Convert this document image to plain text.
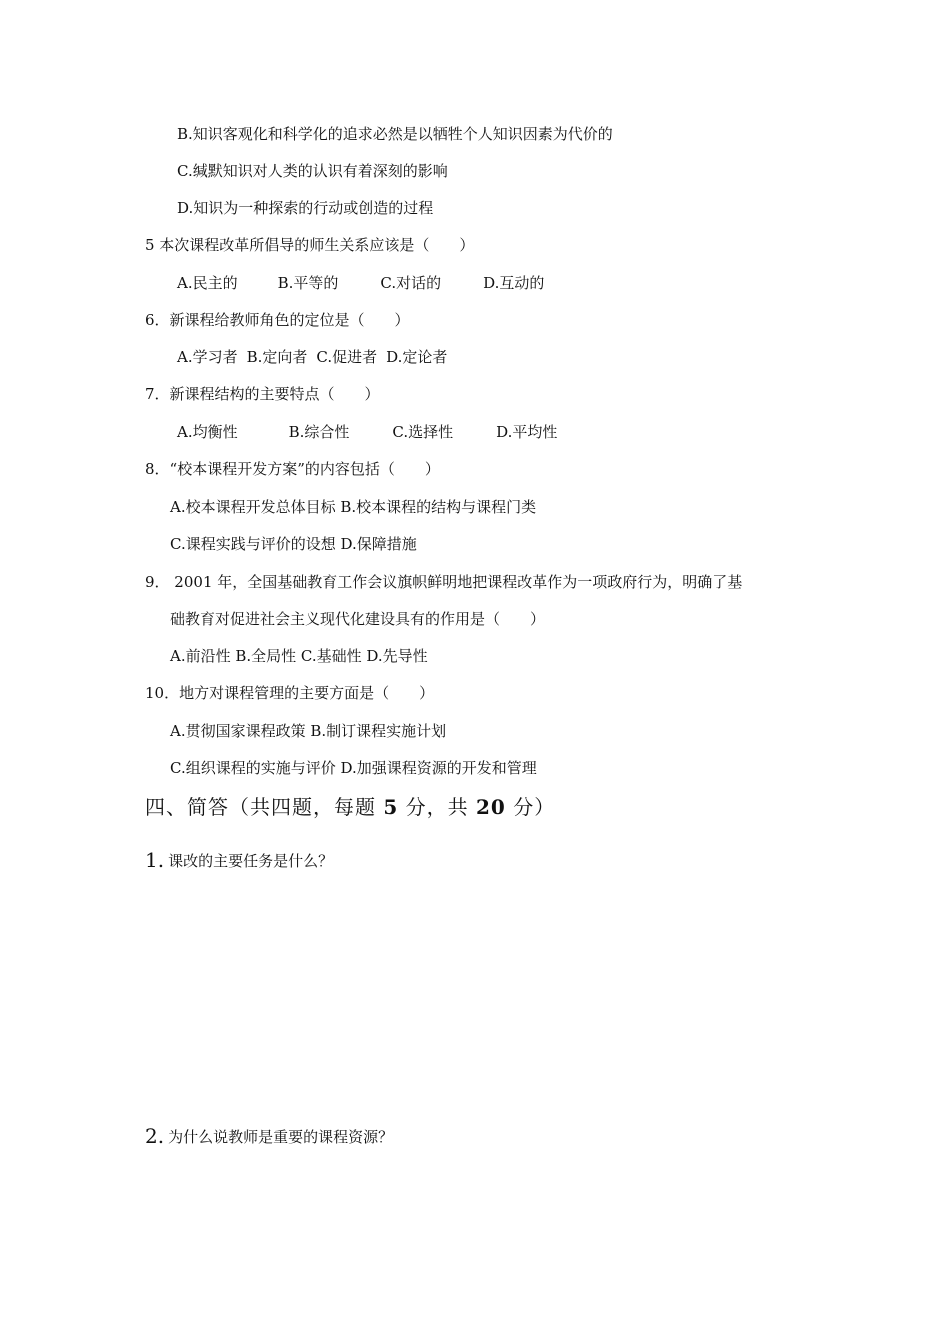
B.知识客观化和科学化的追求必然是以牺牲个人知识因素为代价的
C.缄默知识对人类的认识有着深刻的影响
D.知识为一种探索的行动或创造的过程
5 本次课程改革所倡导的师生关系应该是（　　）
A.民主的	B.平等的	C.对话的	D.互动的
6．新课程给教师角色的定位是（　　）
A.学习者 B.定向者 C.促进者 D.定论者
7．新课程结构的主要特点（　　）
A.均衡性	B.综合性	C.选择性	D.平均性
8．“校本课程开发方案”的内容包括（　　）
A.校本课程开发总体目标 B.校本课程的结构与课程门类
C.课程实践与评价的设想 D.保障措施
9． 2001 年，全国基础教育工作会议旗帜鲜明地把课程改革作为一项政府行为，明确了基
础教育对促进社会主义现代化建设具有的作用是（　　）
A.前沿性 B.全局性 C.基础性 D.先导性
10．地方对课程管理的主要方面是（　　）
A.贯彻国家课程政策 B.制订课程实施计划
C.组织课程的实施与评价 D.加强课程资源的开发和管理
四、简答（共四题，每题 5 分，共 20 分）
1. 课改的主要任务是什么？
2. 为什么说教师是重要的课程资源？
